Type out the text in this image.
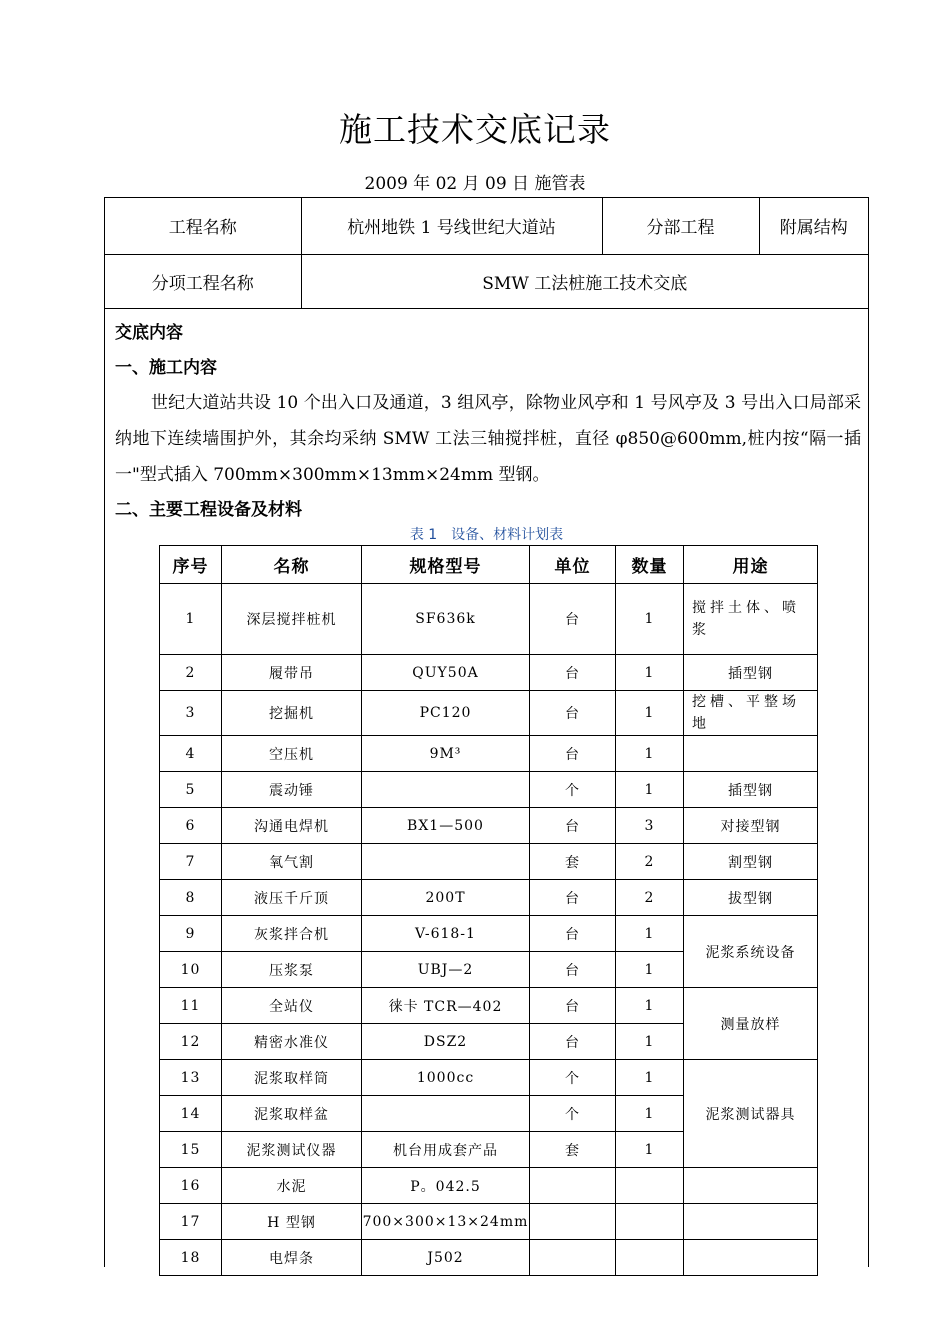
施工技术交底记录
2009 年 02 月 09 日 施管表
工程名称	杭州地铁 1 号线世纪大道站	分部工程	附属结构
分项工程名称	SMW 工法桩施工技术交底		
交底内容
一、施工内容
世纪大道站共设 10 个出入口及通道，3 组风亭，除物业风亭和 1 号风亭及 3 号出入口局部采纳地下连续墙围护外，其余均采纳 SMW 工法三轴搅拌桩，直径 φ850@600mm,桩内按“隔一插一"型式插入 700mm×300mm×13mm×24mm 型钢。
二、主要工程设备及材料
表 1　设备、材料计划表
序号	名称	规格型号	单位	数量	用途
1	深层搅拌桩机	SF636k	台	1	搅拌土体、喷浆
2	履带吊	QUY50A	台	1	插型钢
3	挖掘机	PC120	台	1	挖槽、平整场地
4	空压机	9M³	台	1	
5	震动锤		个	1	插型钢
6	沟通电焊机	BX1—500	台	3	对接型钢
7	氧气割		套	2	割型钢
8	液压千斤顶	200T	台	2	拔型钢
9	灰浆拌合机	V-618-1	台	1	泥浆系统设备
10	压浆泵	UBJ—2	台	1	
11	全站仪	徕卡 TCR—402	台	1	测量放样
12	精密水准仪	DSZ2	台	1	
13	泥浆取样筒	1000cc	个	1	泥浆测试器具
14	泥浆取样盆		个	1	
15	泥浆测试仪器	机台用成套产品	套	1	
16	水泥	P。042.5			
17	H 型钢	700×300×13×24mm			
18	电焊条	J502			
